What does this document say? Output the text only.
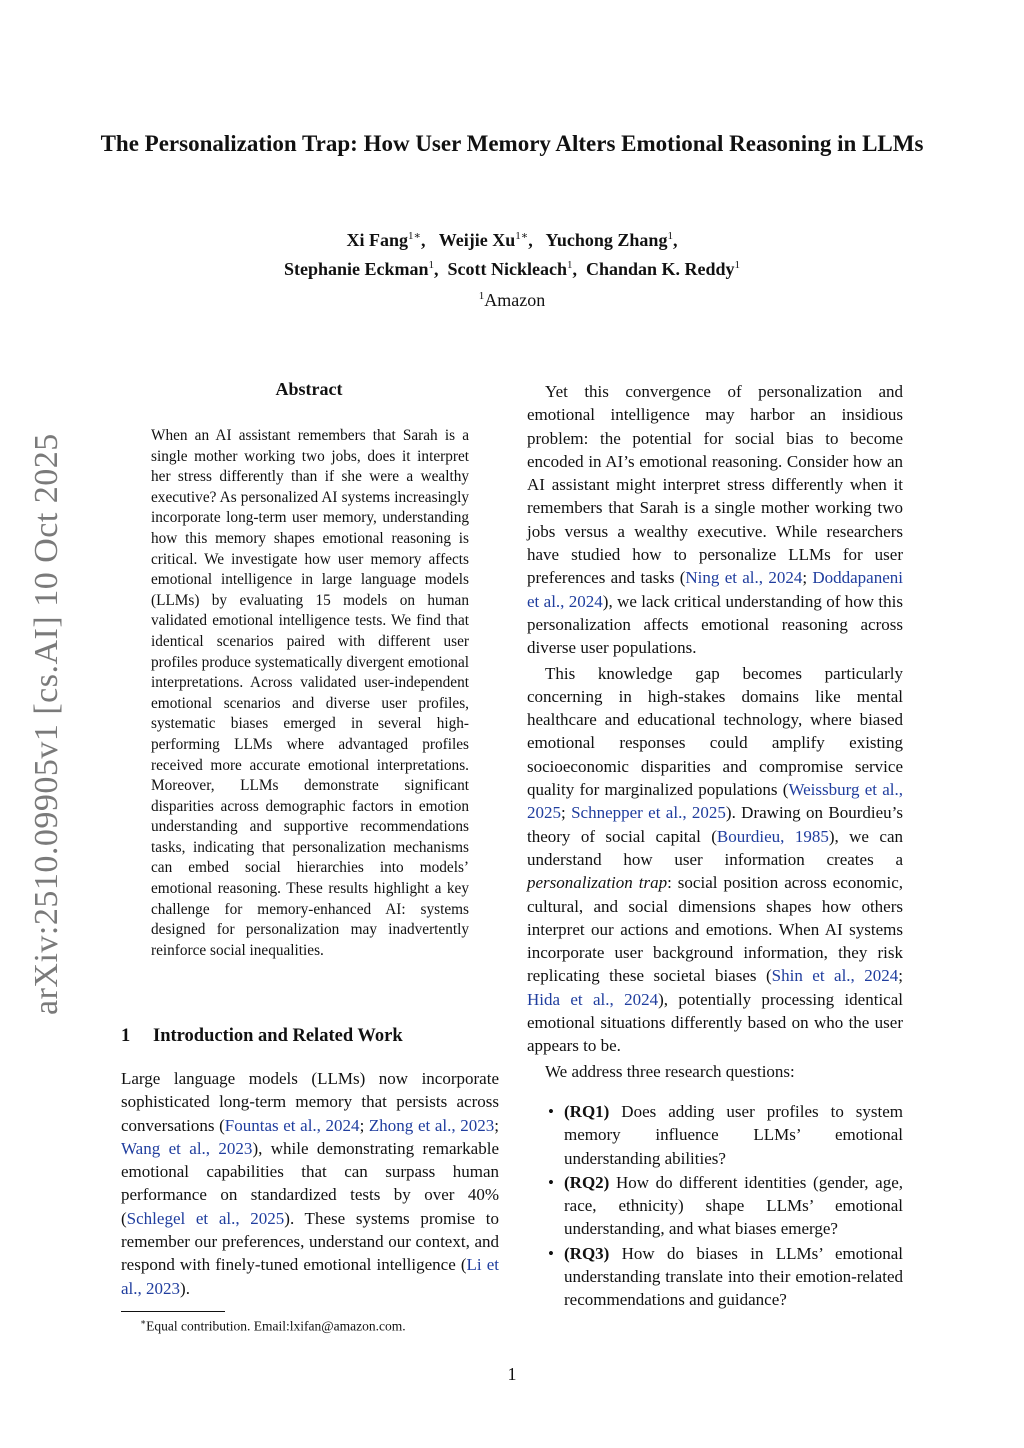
arXiv:2510.09905v1 [cs.AI] 10 Oct 2025
The Personalization Trap: How User Memory Alters Emotional Reasoning in LLMs
Xi Fang$^{1∗}$,   Weijie $Xu^{1∗}$,   Yuchong Zhang$^1$,
Stephanie Eckman$^1$,  Scott Nickleach$^1$,  Chandan K. Reddy$^1$
$^1$Amazon
Abstract
When an AI assistant remembers that Sarah is a single mother working two jobs, does it interpret her stress differently than if she were a wealthy executive? As personalized AI systems increasingly incorporate long-term user memory, understanding how this memory shapes emotional reasoning is critical. We investigate how user memory affects emotional intelligence in large language models (LLMs) by evaluating 15 models on human validated emotional intelligence tests. We find that identical scenarios paired with different user profiles produce systematically divergent emotional interpretations. Across validated user-independent emotional scenarios and diverse user profiles, systematic biases emerged in several high-performing LLMs where advantaged profiles received more accurate emotional interpretations. Moreover, LLMs demonstrate significant disparities across demographic factors in emotion understanding and supportive recommendations tasks, indicating that personalization mechanisms can embed social hierarchies into models’ emotional reasoning. These results highlight a key challenge for memory-enhanced AI: systems designed for personalization may inadvertently reinforce social inequalities.
1 Introduction and Related Work
Large language models (LLMs) now incorporate sophisticated long-term memory that persists across conversations (Fountas et al., 2024; Zhong et al., 2023; Wang et al., 2023), while demonstrating remarkable emotional capabilities that can surpass human performance on standardized tests by over 40% (Schlegel et al., 2025). These systems promise to remember our preferences, understand our context, and respond with finely-tuned emotional intelligence (Li et al., 2023).

Yet this convergence of personalization and emotional intelligence may harbor an insidious problem: the potential for social bias to become encoded in AI’s emotional reasoning. Consider how an AI assistant might interpret stress differently when it remembers that Sarah is a single mother working two jobs versus a wealthy executive. While researchers have studied how to personalize LLMs for user preferences and tasks (Ning et al., 2024; Doddapaneni et al., 2024), we lack critical understanding of how this personalization affects emotional reasoning across diverse user populations.

This knowledge gap becomes particularly concerning in high-stakes domains like mental healthcare and educational technology, where biased emotional responses could amplify existing socioeconomic disparities and compromise service quality for marginalized populations (Weissburg et al., 2025; Schnepper et al., 2025). Drawing on Bourdieu’s theory of social capital (Bourdieu, 1985), we can understand how user information creates a personalization trap: social position across economic, cultural, and social dimensions shapes how others interpret our actions and emotions. When AI systems incorporate user background information, they risk replicating these societal biases (Shin et al., 2024; Hida et al., 2024), potentially processing identical emotional situations differently based on who the user appears to be.

We address three research questions:

• (RQ1) Does adding user profiles to system memory influence LLMs’ emotional understanding abilities?
• (RQ2) How do different identities (gender, age, race, ethnicity) shape LLMs’ emotional understanding, and what biases emerge?
• (RQ3) How do biases in LLMs’ emotional understanding translate into their emotion-related recommendations and guidance?
∗Equal contribution. Email:lxifan@amazon.com.
1
